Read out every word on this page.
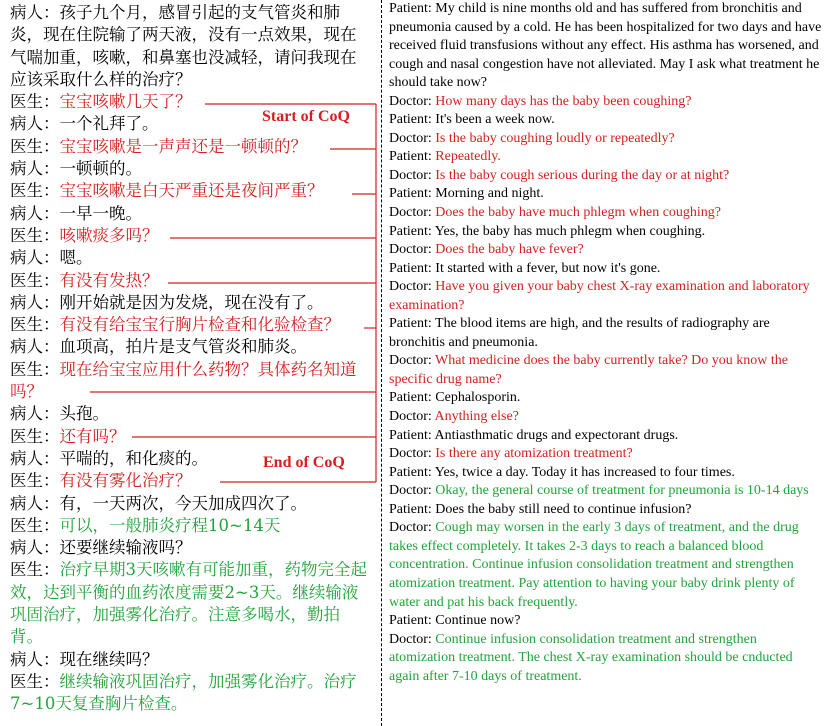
病人：孩子九个月，感冒引起的支气管炎和肺炎，现在住院输了两天液，没有一点效果，现在气喘加重，咳嗽，和鼻塞也没减轻，请问我现在应该采取什么样的治疗？
医生：宝宝咳嗽几天了？
病人：一个礼拜了。
医生：宝宝咳嗽是一声声还是一顿顿的？
病人：一顿顿的。
医生：宝宝咳嗽是白天严重还是夜间严重？
病人：一早一晚。
医生：咳嗽痰多吗？
病人：嗯。
医生：有没有发热？
病人：刚开始就是因为发烧，现在没有了。
医生：有没有给宝宝行胸片检查和化验检查？
病人：血项高，拍片是支气管炎和肺炎。
医生：现在给宝宝应用什么药物？具体药名知道吗？
病人：头孢。
医生：还有吗？
病人：平喘的，和化痰的。
医生：有没有雾化治疗？
病人：有，一天两次，今天加成四次了。
医生：可以，一般肺炎疗程10~14天
病人：还要继续输液吗？
医生：治疗早期3天咳嗽有可能加重，药物完全起效，达到平衡的血药浓度需要2~3天。继续输液巩固治疗，加强雾化治疗。注意多喝水，勤拍背。
病人：现在继续吗？
医生：继续输液巩固治疗，加强雾化治疗。治疗7~10天复查胸片检查。
Patient: My child is nine months old and has suffered from bronchitis and pneumonia caused by a cold. He has been hospitalized for two days and have received fluid transfusions without any effect. His asthma has worsened, and cough and nasal congestion have not alleviated. May I ask what treatment he should take now?
Doctor: How many days has the baby been coughing?
Patient: It's been a week now.
Doctor: Is the baby coughing loudly or repeatedly?
Patient: Repeatedly.
Doctor: Is the baby cough serious during the day or at night?
Patient: Morning and night.
Doctor: Does the baby have much phlegm when coughing?
Patient: Yes, the baby has much phlegm when coughing.
Doctor: Does the baby have fever?
Patient: It started with a fever, but now it's gone.
Doctor: Have you given your baby chest X-ray examination and laboratory examination?
Patient: The blood items are high, and the results of radiography are bronchitis and pneumonia.
Doctor: What medicine does the baby currently take? Do you know the specific drug name?
Patient: Cephalosporin.
Doctor: Anything else?
Patient: Antiasthmatic drugs and expectorant drugs.
Doctor: Is there any atomization treatment?
Patient: Yes, twice a day. Today it has increased to four times.
Doctor: Okay, the general course of treatment for pneumonia is 10-14 days
Patient: Does the baby still need to continue infusion?
Doctor: Cough may worsen in the early 3 days of treatment, and the drug takes effect completely. It takes 2-3 days to reach a balanced blood concentration. Continue infusion consolidation treatment and strengthen atomization treatment. Pay attention to having your baby drink plenty of water and pat his back frequently.
Patient: Continue now?
Doctor: Continue infusion consolidation treatment and strengthen atomization treatment. The chest X-ray examination should be cnducted again after 7-10 days of treatment.
Start of CoQ
End of CoQ
